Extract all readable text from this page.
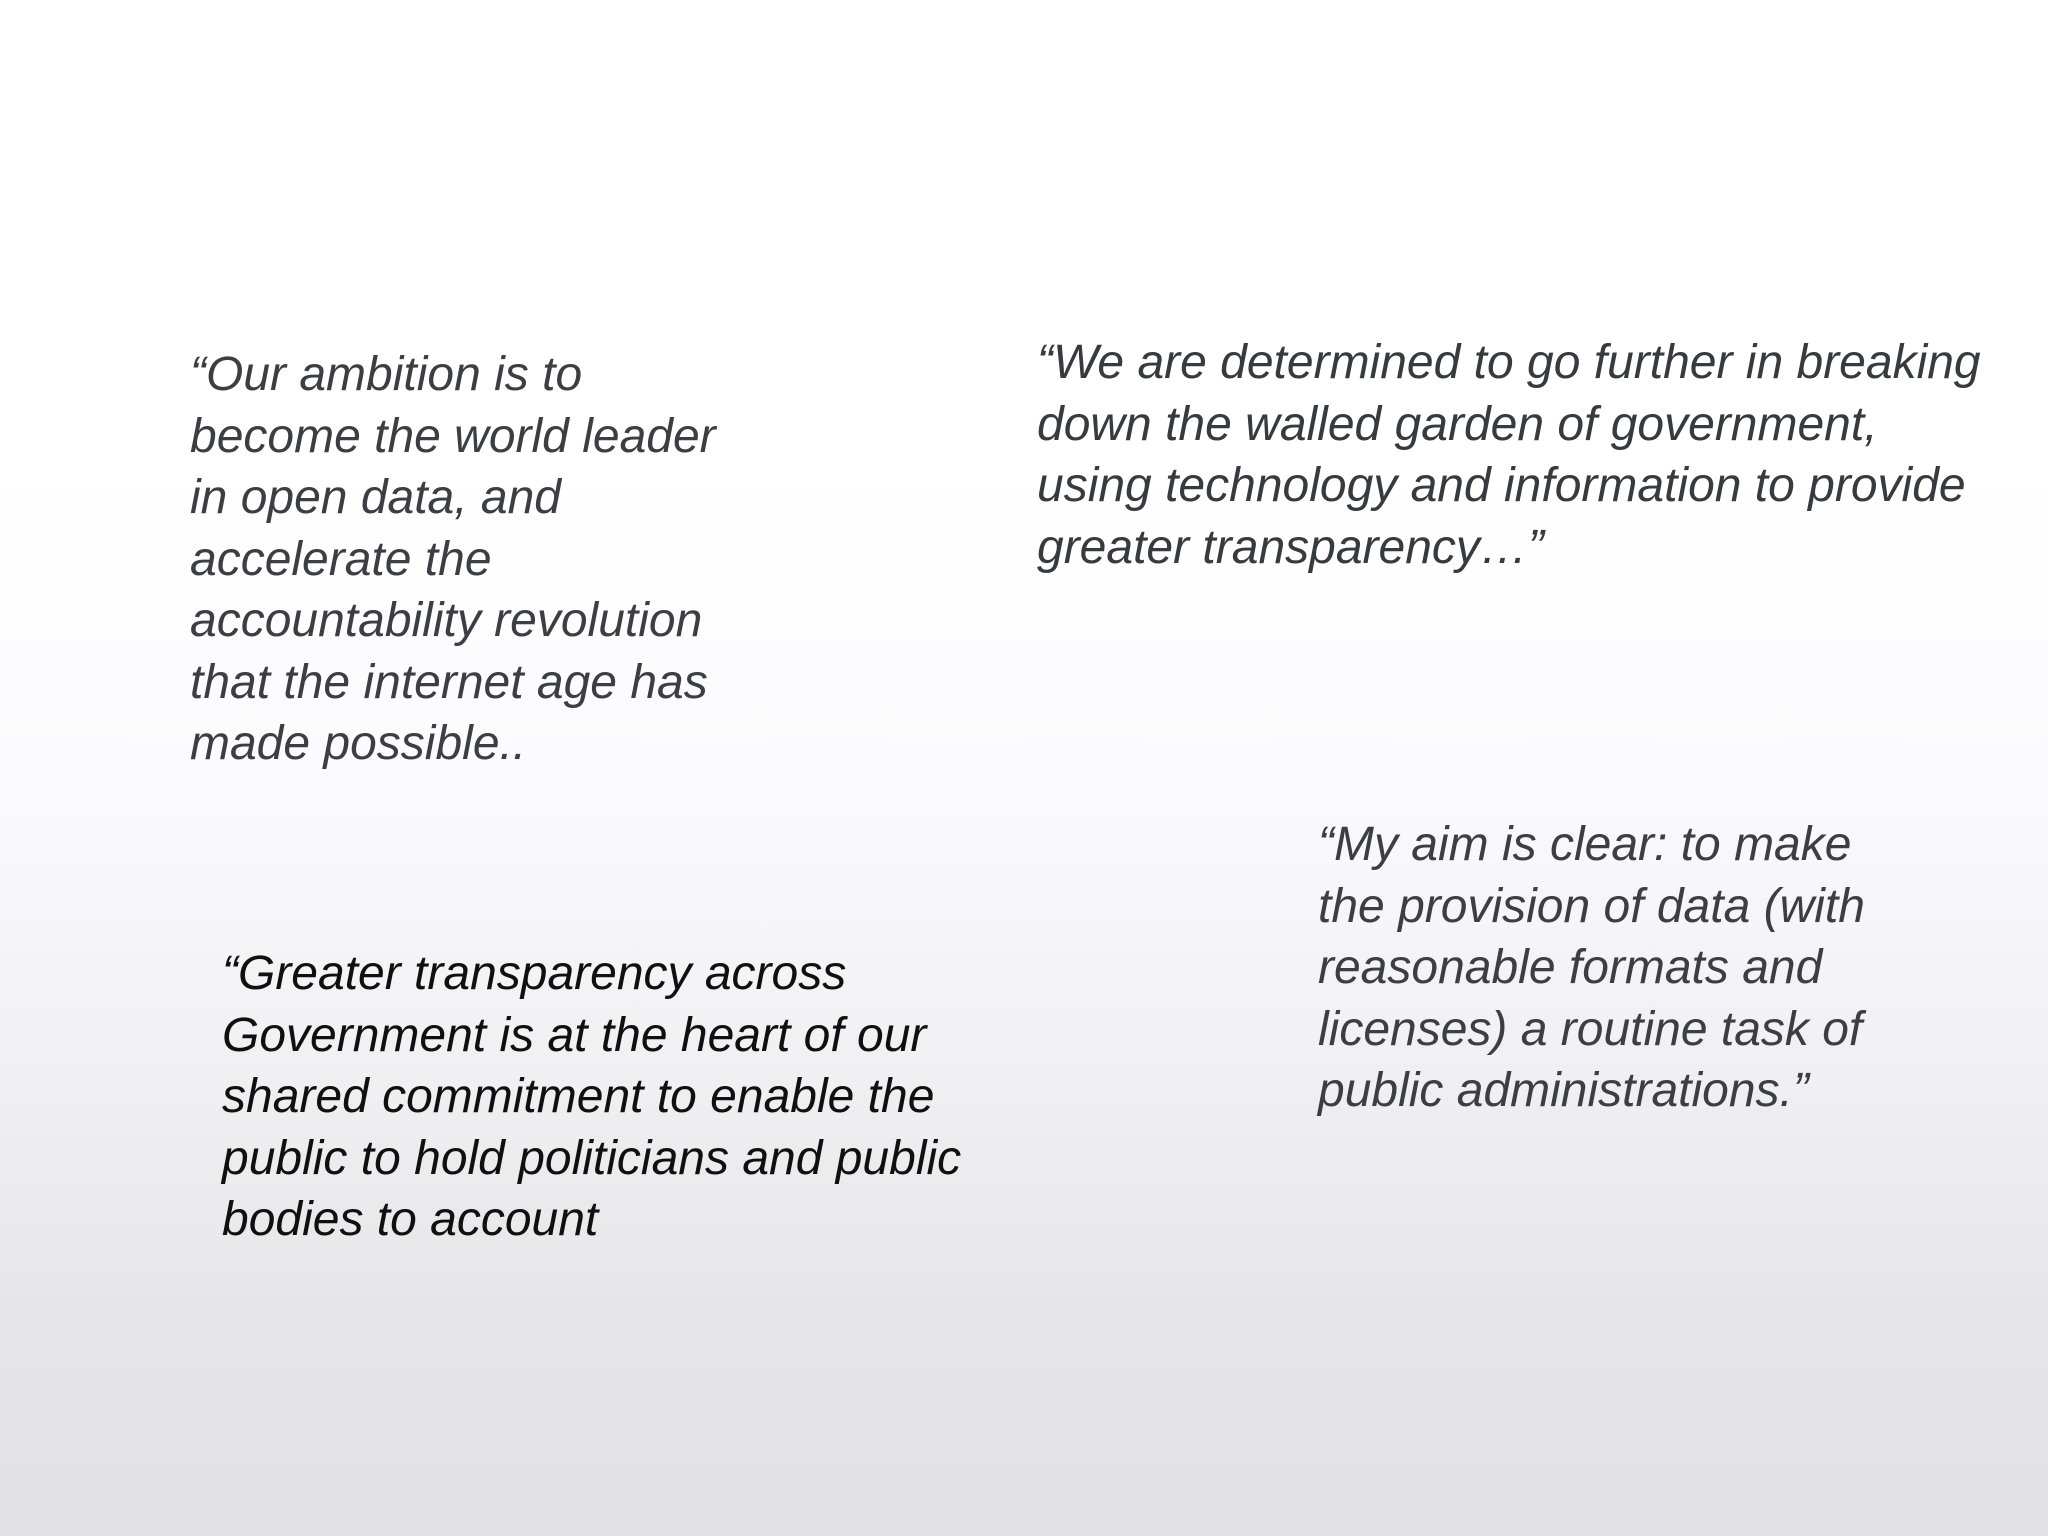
“Our ambition is to
become the world leader
in open data, and
accelerate the
accountability revolution
that the internet age has
made possible..

“We are determined to go further in breaking
down the walled garden of government,
using technology and information to provide
greater transparency…”

“Greater transparency across
Government is at the heart of our
shared commitment to enable the
public to hold politicians and public
bodies to account

“My aim is clear: to make
the provision of data (with
reasonable formats and
licenses) a routine task of
public administrations.”
